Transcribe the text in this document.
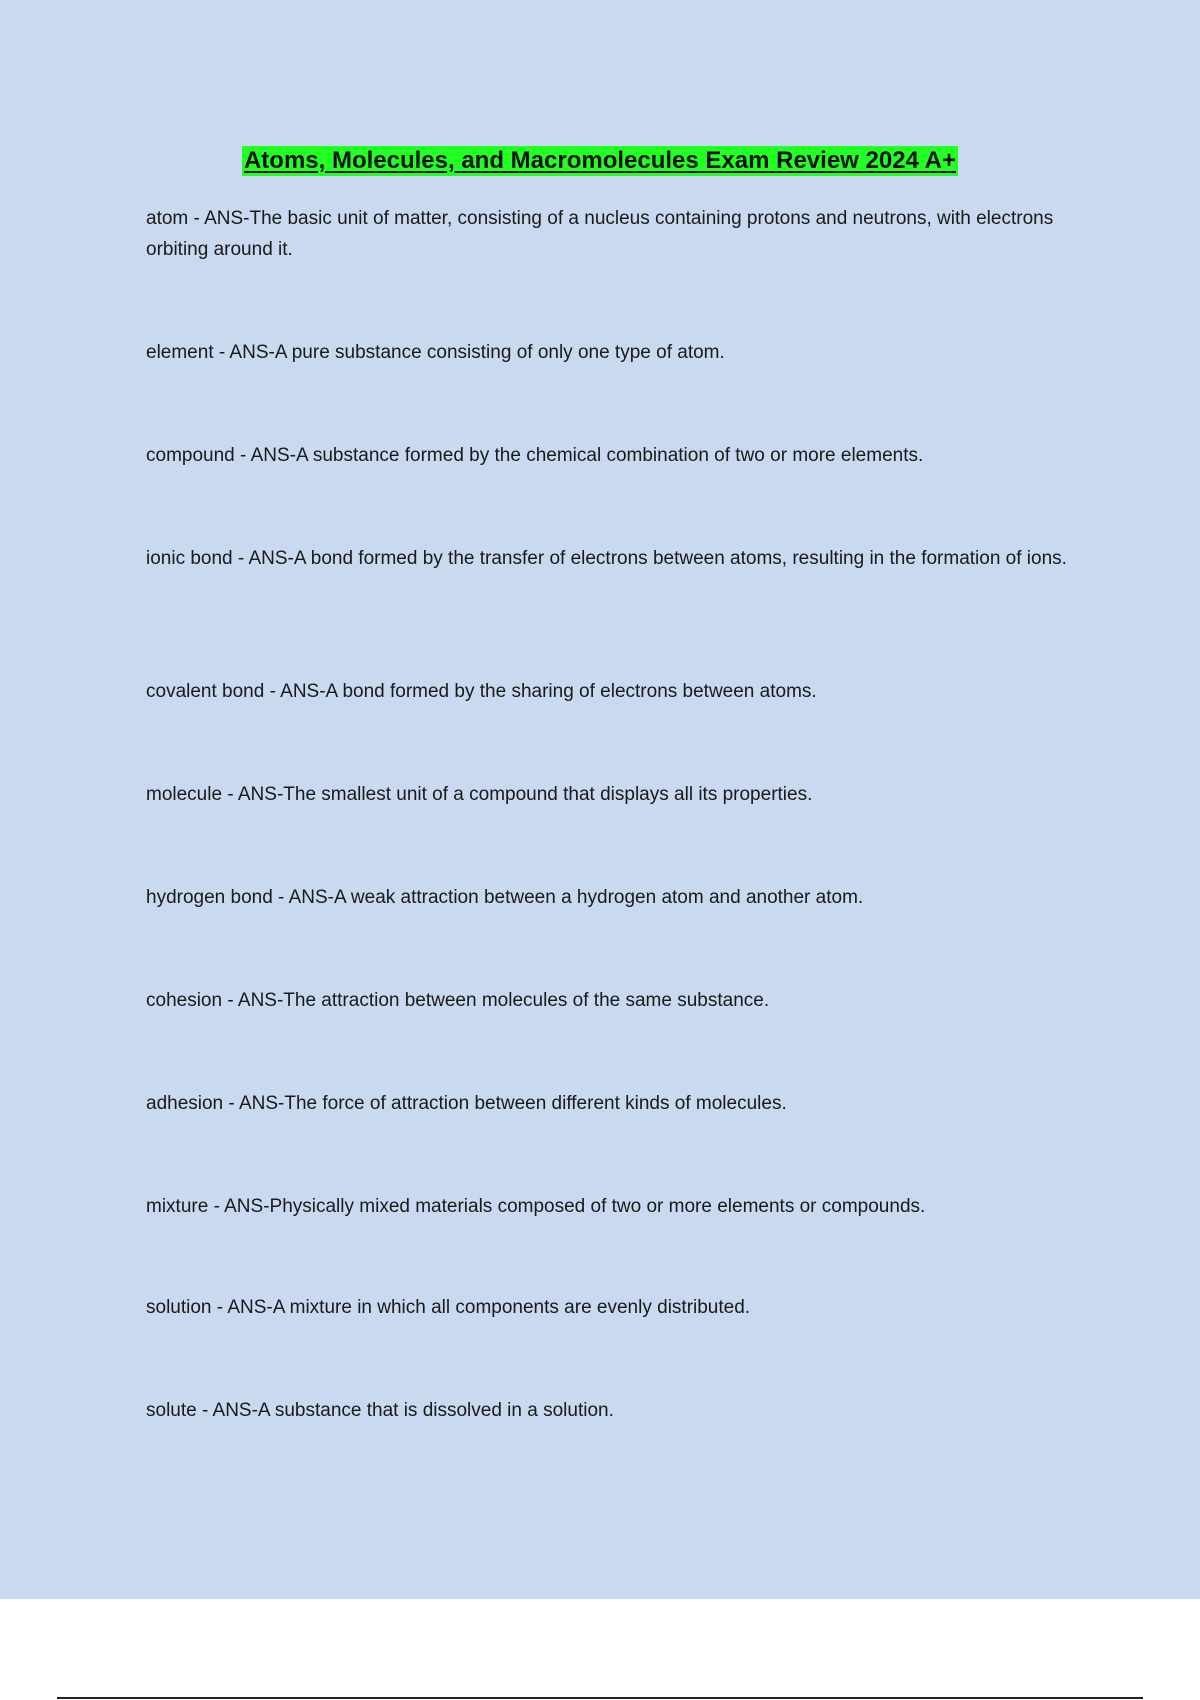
Atoms, Molecules, and Macromolecules Exam Review 2024 A+
atom - ANS-The basic unit of matter, consisting of a nucleus containing protons and neutrons, with electrons orbiting around it.
element - ANS-A pure substance consisting of only one type of atom.
compound - ANS-A substance formed by the chemical combination of two or more elements.
ionic bond - ANS-A bond formed by the transfer of electrons between atoms, resulting in the formation of ions.
covalent bond - ANS-A bond formed by the sharing of electrons between atoms.
molecule - ANS-The smallest unit of a compound that displays all its properties.
hydrogen bond - ANS-A weak attraction between a hydrogen atom and another atom.
cohesion - ANS-The attraction between molecules of the same substance.
adhesion - ANS-The force of attraction between different kinds of molecules.
mixture - ANS-Physically mixed materials composed of two or more elements or compounds.
solution - ANS-A mixture in which all components are evenly distributed.
solute - ANS-A substance that is dissolved in a solution.
